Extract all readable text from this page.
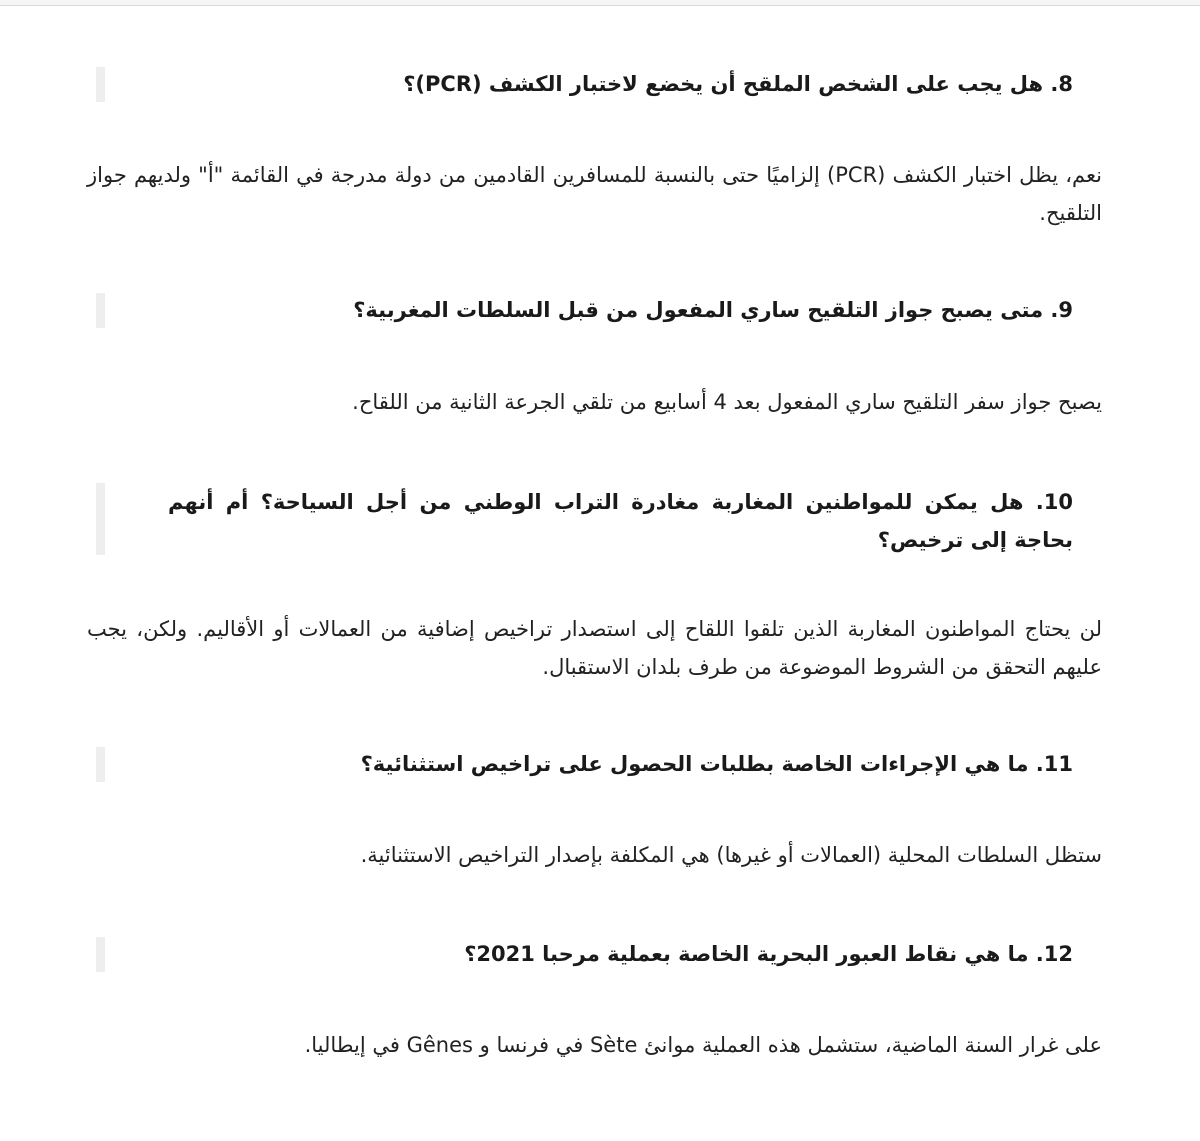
8. هل يجب على الشخص الملقح أن يخضع لاختبار الكشف (PCR)؟
نعم، يظل اختبار الكشف (PCR) إلزاميًا حتى بالنسبة للمسافرين القادمين من دولة مدرجة في القائمة "أ" ولديهم جواز التلقيح.
9. متى يصبح جواز التلقيح ساري المفعول من قبل السلطات المغربية؟
يصبح جواز سفر التلقيح ساري المفعول بعد 4 أسابيع من تلقي الجرعة الثانية من اللقاح.
10. هل يمكن للمواطنين المغاربة مغادرة التراب الوطني من أجل السياحة؟ أم أنهم بحاجة إلى ترخيص؟
لن يحتاج المواطنون المغاربة الذين تلقوا اللقاح إلى استصدار تراخيص إضافية من العمالات أو الأقاليم. ولكن، يجب عليهم التحقق من الشروط الموضوعة من طرف بلدان الاستقبال.
11. ما هي الإجراءات الخاصة بطلبات الحصول على تراخيص استثنائية؟
ستظل السلطات المحلية (العمالات أو غيرها) هي المكلفة بإصدار التراخيص الاستثنائية.
12. ما هي نقاط العبور البحرية الخاصة بعملية مرحبا 2021؟
على غرار السنة الماضية، ستشمل هذه العملية موانئ Sète في فرنسا و Gênes في إيطاليا.
